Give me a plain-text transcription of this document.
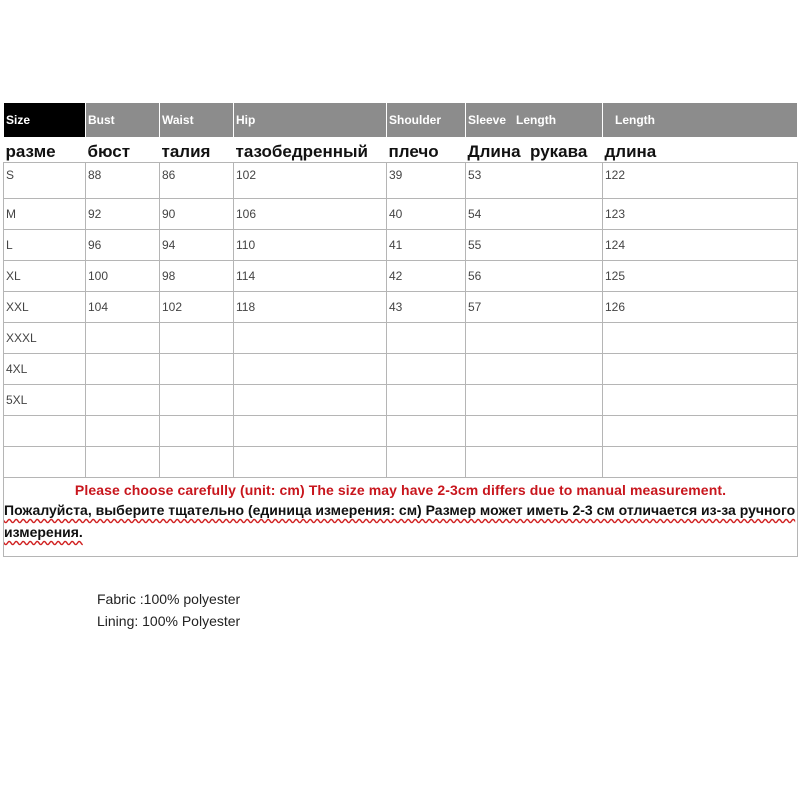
Size	Bust	Waist	Hip	Shoulder	Sleeve   Length	Length
разме	бюст	талия	тазобедренный	плечо	Длина  рукава	длина
S	88	86	102	39	53	122
M	92	90	106	40	54	123
L	96	94	110	41	55	124
XL	100	98	114	42	56	125
XXL	104	102	118	43	57	126
XXXL						
4XL						
5XL						

Please choose carefully (unit: cm) The size may have 2-3cm differs due to manual measurement.
Пожалуйста, выберите тщательно (единица измерения: см) Размер может иметь 2-3 см отличается из-за ручного измерения.						
Fabric :100% polyester
Lining: 100% Polyester
